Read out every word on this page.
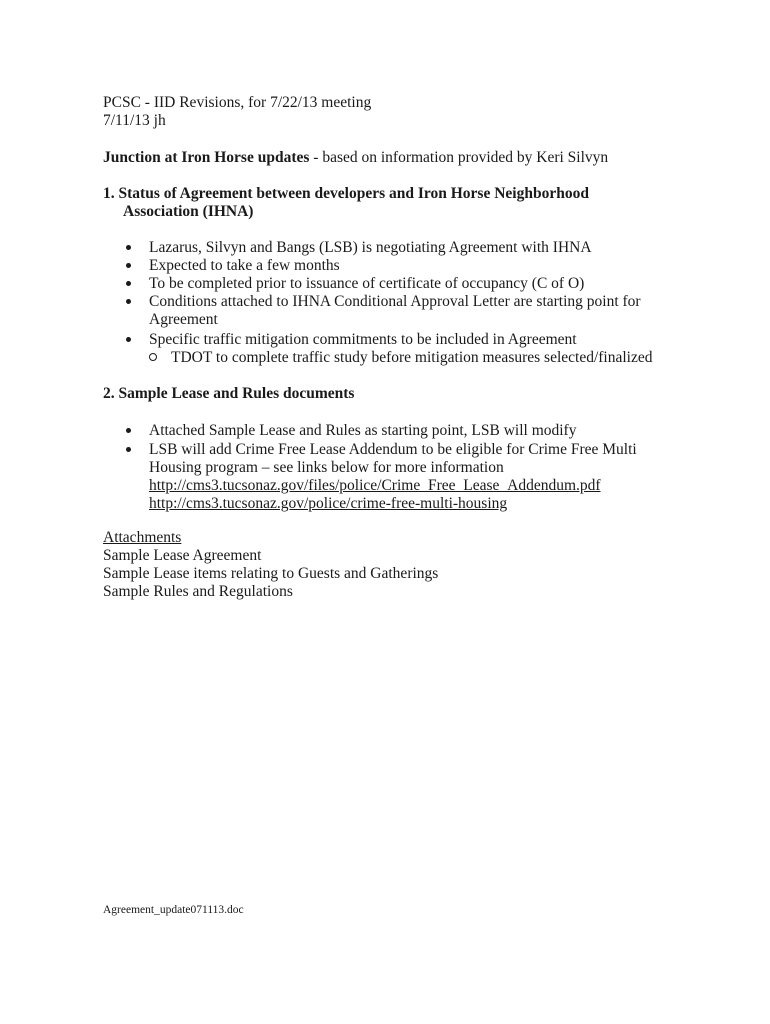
PCSC - IID Revisions, for 7/22/13 meeting
7/11/13 jh
Junction at Iron Horse updates - based on information provided by Keri Silvyn
1. Status of Agreement between developers and Iron Horse Neighborhood
Association (IHNA)
Lazarus, Silvyn and Bangs (LSB) is negotiating Agreement with IHNA
Expected to take a few months
To be completed prior to issuance of certificate of occupancy (C of O)
Conditions attached to IHNA Conditional Approval Letter are starting point for
Agreement
Specific traffic mitigation commitments to be included in Agreement
TDOT to complete traffic study before mitigation measures selected/finalized
2. Sample Lease and Rules documents
Attached Sample Lease and Rules as starting point, LSB will modify
LSB will add Crime Free Lease Addendum to be eligible for Crime Free Multi
Housing program – see links below for more information
http://cms3.tucsonaz.gov/files/police/Crime_Free_Lease_Addendum.pdf
http://cms3.tucsonaz.gov/police/crime-free-multi-housing
Attachments
Sample Lease Agreement
Sample Lease items relating to Guests and Gatherings
Sample Rules and Regulations
Agreement_update071113.doc
